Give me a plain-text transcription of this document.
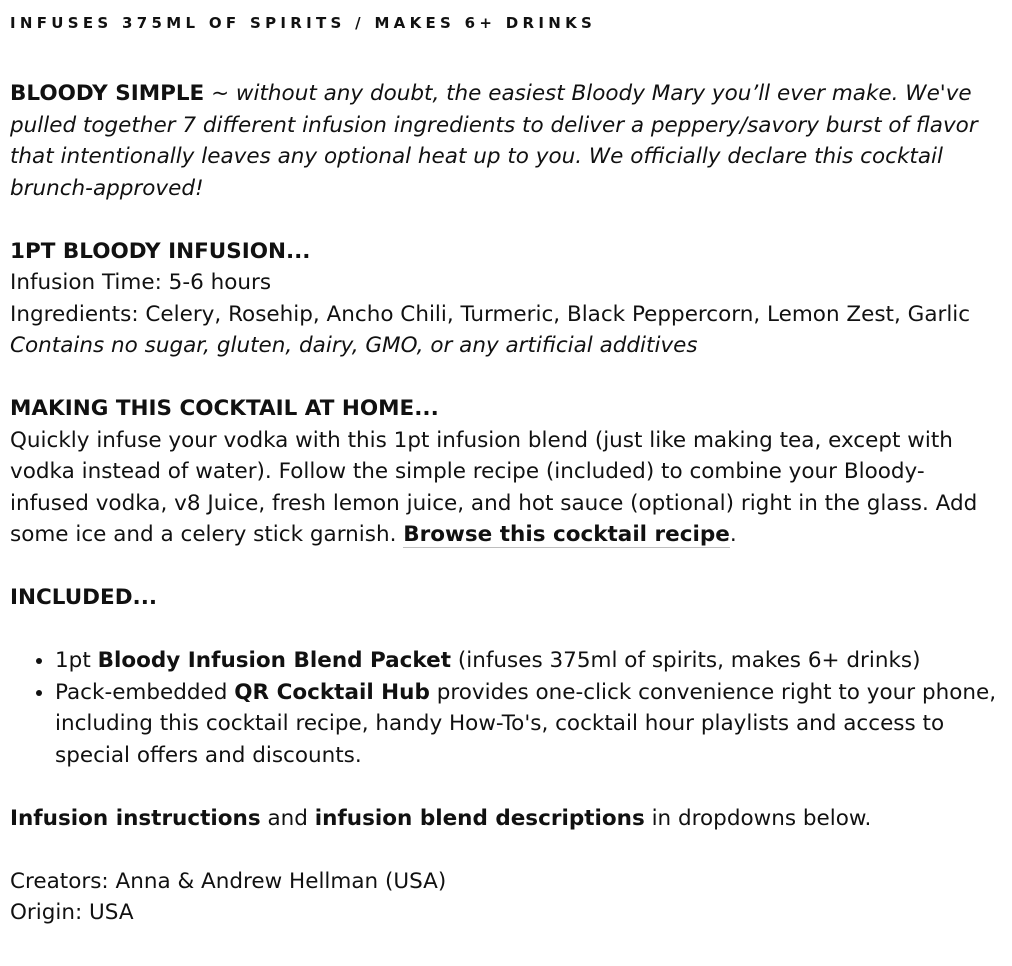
INFUSES 375ML OF SPIRITS / MAKES 6+ DRINKS

BLOODY SIMPLE ~ without any doubt, the easiest Bloody Mary you’ll ever make. We've pulled together 7 different infusion ingredients to deliver a peppery/savory burst of flavor that intentionally leaves any optional heat up to you. We officially declare this cocktail brunch-approved!

1PT BLOODY INFUSION...

Infusion Time: 5-6 hours

Ingredients: Celery, Rosehip, Ancho Chili, Turmeric, Black Peppercorn, Lemon Zest, Garlic

Contains no sugar, gluten, dairy, GMO, or any artificial additives

MAKING THIS COCKTAIL AT HOME...

Quickly infuse your vodka with this 1pt infusion blend (just like making tea, except with vodka instead of water). Follow the simple recipe (included) to combine your Bloody-infused vodka, v8 Juice, fresh lemon juice, and hot sauce (optional) right in the glass. Add some ice and a celery stick garnish. Browse this cocktail recipe.

INCLUDED...

• 1pt Bloody Infusion Blend Packet (infuses 375ml of spirits, makes 6+ drinks)
• Pack-embedded QR Cocktail Hub provides one-click convenience right to your phone, including this cocktail recipe, handy How-To's, cocktail hour playlists and access to special offers and discounts.

Infusion instructions and infusion blend descriptions in dropdowns below.

Creators: Anna & Andrew Hellman (USA)

Origin: USA
